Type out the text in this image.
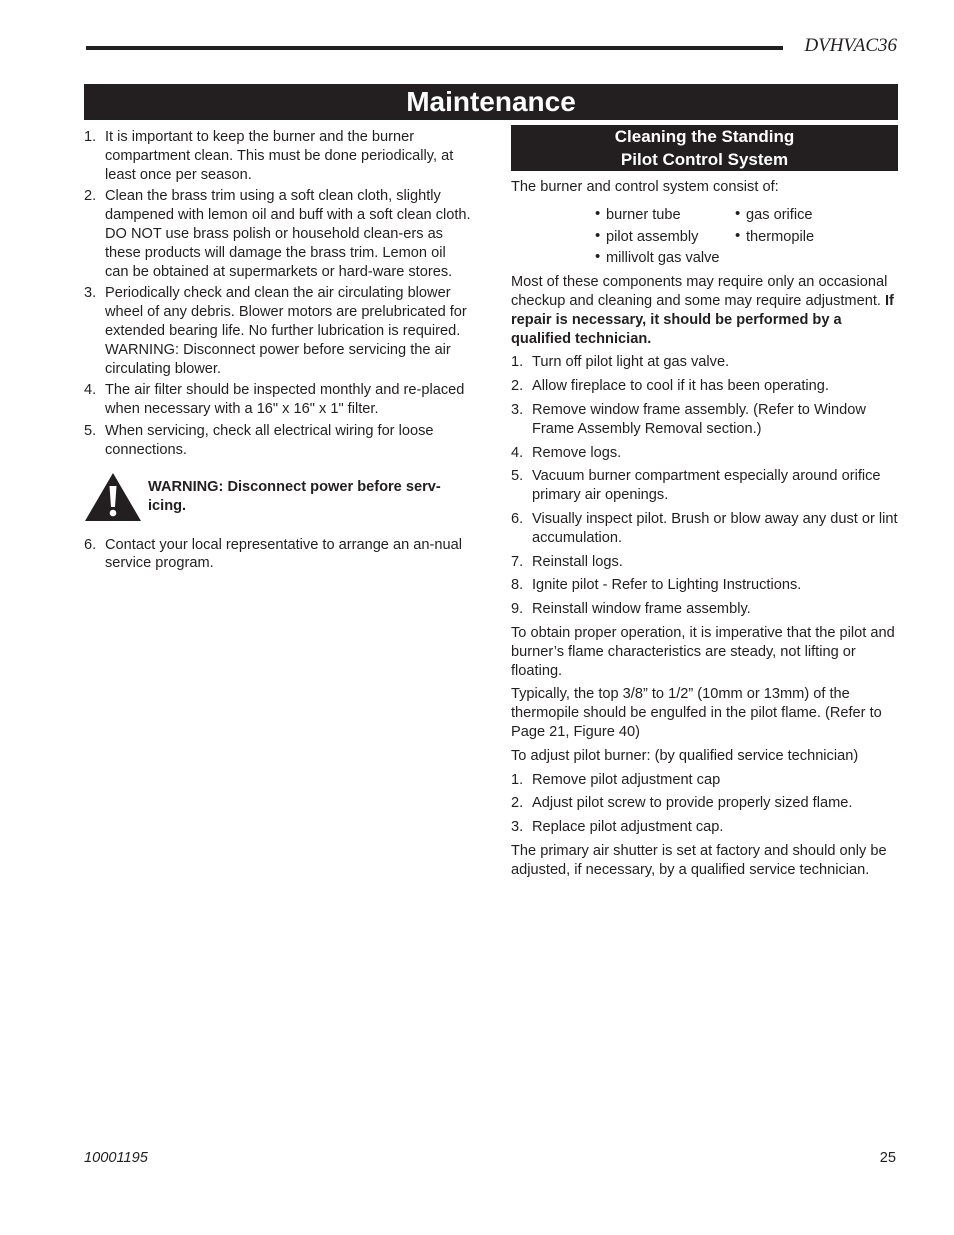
DVHVAC36
Maintenance
1. It is important to keep the burner and the burner compartment clean. This must be done periodically, at least once per season.
2. Clean the brass trim using a soft clean cloth, slightly dampened with lemon oil and buff with a soft clean cloth. DO NOT use brass polish or household clean-ers as these products will damage the brass trim. Lemon oil can be obtained at supermarkets or hard-ware stores.
3. Periodically check and clean the air circulating blower wheel of any debris. Blower motors are prelubricated for extended bearing life. No further lubrication is required. WARNING: Disconnect power before servicing the air circulating blower.
4. The air filter should be inspected monthly and re-placed when necessary with a 16" x 16" x 1" filter.
5. When servicing, check all electrical wiring for loose connections.
WARNING: Disconnect power before serv-icing.
6. Contact your local representative to arrange an an-nual service program.
Cleaning the Standing
Pilot Control System

The burner and control system consist of:

• burner tube	• gas orifice
• pilot assembly	• thermopile
• millivolt gas valve

Most of these components may require only an occasional checkup and cleaning and some may require adjustment. If repair is necessary, it should be performed by a qualified technician.

1. Turn off pilot light at gas valve.
2. Allow fireplace to cool if it has been operating.
3. Remove window frame assembly. (Refer to Window Frame Assembly Removal section.)
4. Remove logs.
5. Vacuum burner compartment especially around orifice primary air openings.
6. Visually inspect pilot. Brush or blow away any dust or lint accumulation.
7. Reinstall logs.
8. Ignite pilot - Refer to Lighting Instructions.
9. Reinstall window frame assembly.

To obtain proper operation, it is imperative that the pilot and burner’s flame characteristics are steady, not lifting or floating.

Typically, the top 3/8” to 1/2” (10mm or 13mm) of the thermopile should be engulfed in the pilot flame. (Refer to Page 21, Figure 40)

To adjust pilot burner: (by qualified service technician)

1. Remove pilot adjustment cap
2. Adjust pilot screw to provide properly sized flame.
3. Replace pilot adjustment cap.

The primary air shutter is set at factory and should only be adjusted, if necessary, by a qualified service technician.

10001195	25
